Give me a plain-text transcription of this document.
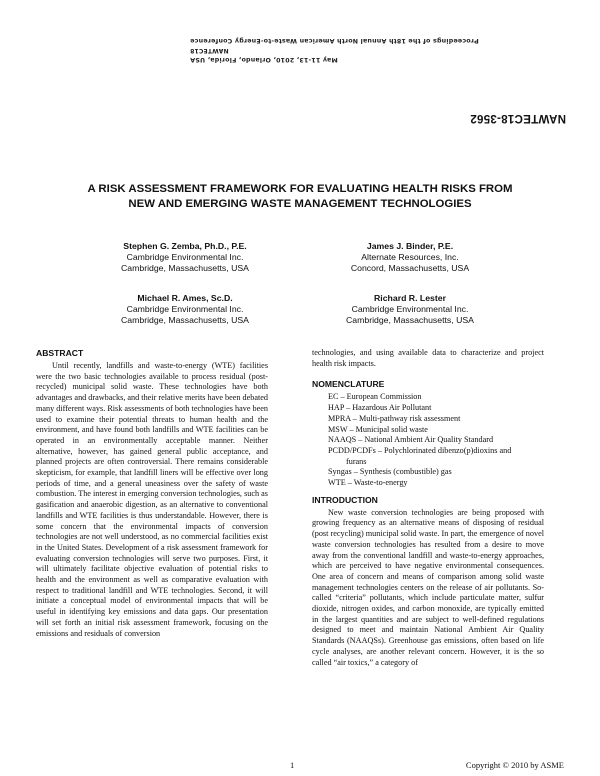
Proceedings of the 18th Annual North American Waste-to-Energy Conference
NAWTEC18
May 11-13, 2010, Orlando, Florida, USA
NAWTEC18-3562
A RISK ASSESSMENT FRAMEWORK FOR EVALUATING HEALTH RISKS FROM
NEW AND EMERGING WASTE MANAGEMENT TECHNOLOGIES
Stephen G. Zemba, Ph.D., P.E.
Cambridge Environmental Inc.
Cambridge, Massachusetts, USA
James J. Binder, P.E.
Alternate Resources, Inc.
Concord, Massachusetts, USA
Michael R. Ames, Sc.D.
Cambridge Environmental Inc.
Cambridge, Massachusetts, USA
Richard R. Lester
Cambridge Environmental Inc.
Cambridge, Massachusetts, USA
ABSTRACT

Until recently, landfills and waste-to-energy (WTE) facilities were the two basic technologies available to process residual (post-recycled) municipal solid waste. These technologies have both advantages and drawbacks, and their relative merits have been debated many different ways. Risk assessments of both technologies have been used to examine their potential threats to human health and the environment, and have found both landfills and WTE facilities can be operated in an environmentally acceptable manner. Neither alternative, however, has gained general public acceptance, and planned projects are often controversial. There remains considerable skepticism, for example, that landfill liners will be effective over long periods of time, and a general uneasiness over the safety of waste combustion. The interest in emerging conversion technologies, such as gasification and anaerobic digestion, as an alternative to conventional landfills and WTE facilities is thus understandable. However, there is some concern that the environmental impacts of conversion technologies are not well understood, as no commercial facilities exist in the United States. Development of a risk assessment framework for evaluating conversion technologies will serve two purposes. First, it will ultimately facilitate objective evaluation of potential risks to health and the environment as well as comparative evaluation with respect to traditional landfill and WTE technologies. Second, it will initiate a conceptual model of environmental impacts that will be useful in identifying key emissions and data gaps. Our presentation will set forth an initial risk assessment framework, focusing on the emissions and residuals of conversion

technologies, and using available data to characterize and project health risk impacts.

NOMENCLATURE
EC – European Commission
HAP – Hazardous Air Pollutant
MPRA – Multi-pathway risk assessment
MSW – Municipal solid waste
NAAQS – National Ambient Air Quality Standard
PCDD/PCDFs – Polychlorinated dibenzo(p)dioxins and
furans
Syngas – Synthesis (combustible) gas
WTE – Waste-to-energy
INTRODUCTION

New waste conversion technologies are being proposed with growing frequency as an alternative means of disposing of residual (post recycling) municipal solid waste. In part, the emergence of novel waste conversion technologies has resulted from a desire to move away from the conventional landfill and waste-to-energy approaches, which are perceived to have negative environmental consequences. One area of concern and means of comparison among solid waste management technologies centers on the release of air pollutants. So-called “criteria” pollutants, which include particulate matter, sulfur dioxide, nitrogen oxides, and carbon monoxide, are typically emitted in the largest quantities and are subject to well-defined regulations designed to meet and maintain National Ambient Air Quality Standards (NAAQSs). Greenhouse gas emissions, often based on life cycle analyses, are another relevant concern. However, it is the so called “air toxics,” a category of

1	Copyright © 2010 by ASME
